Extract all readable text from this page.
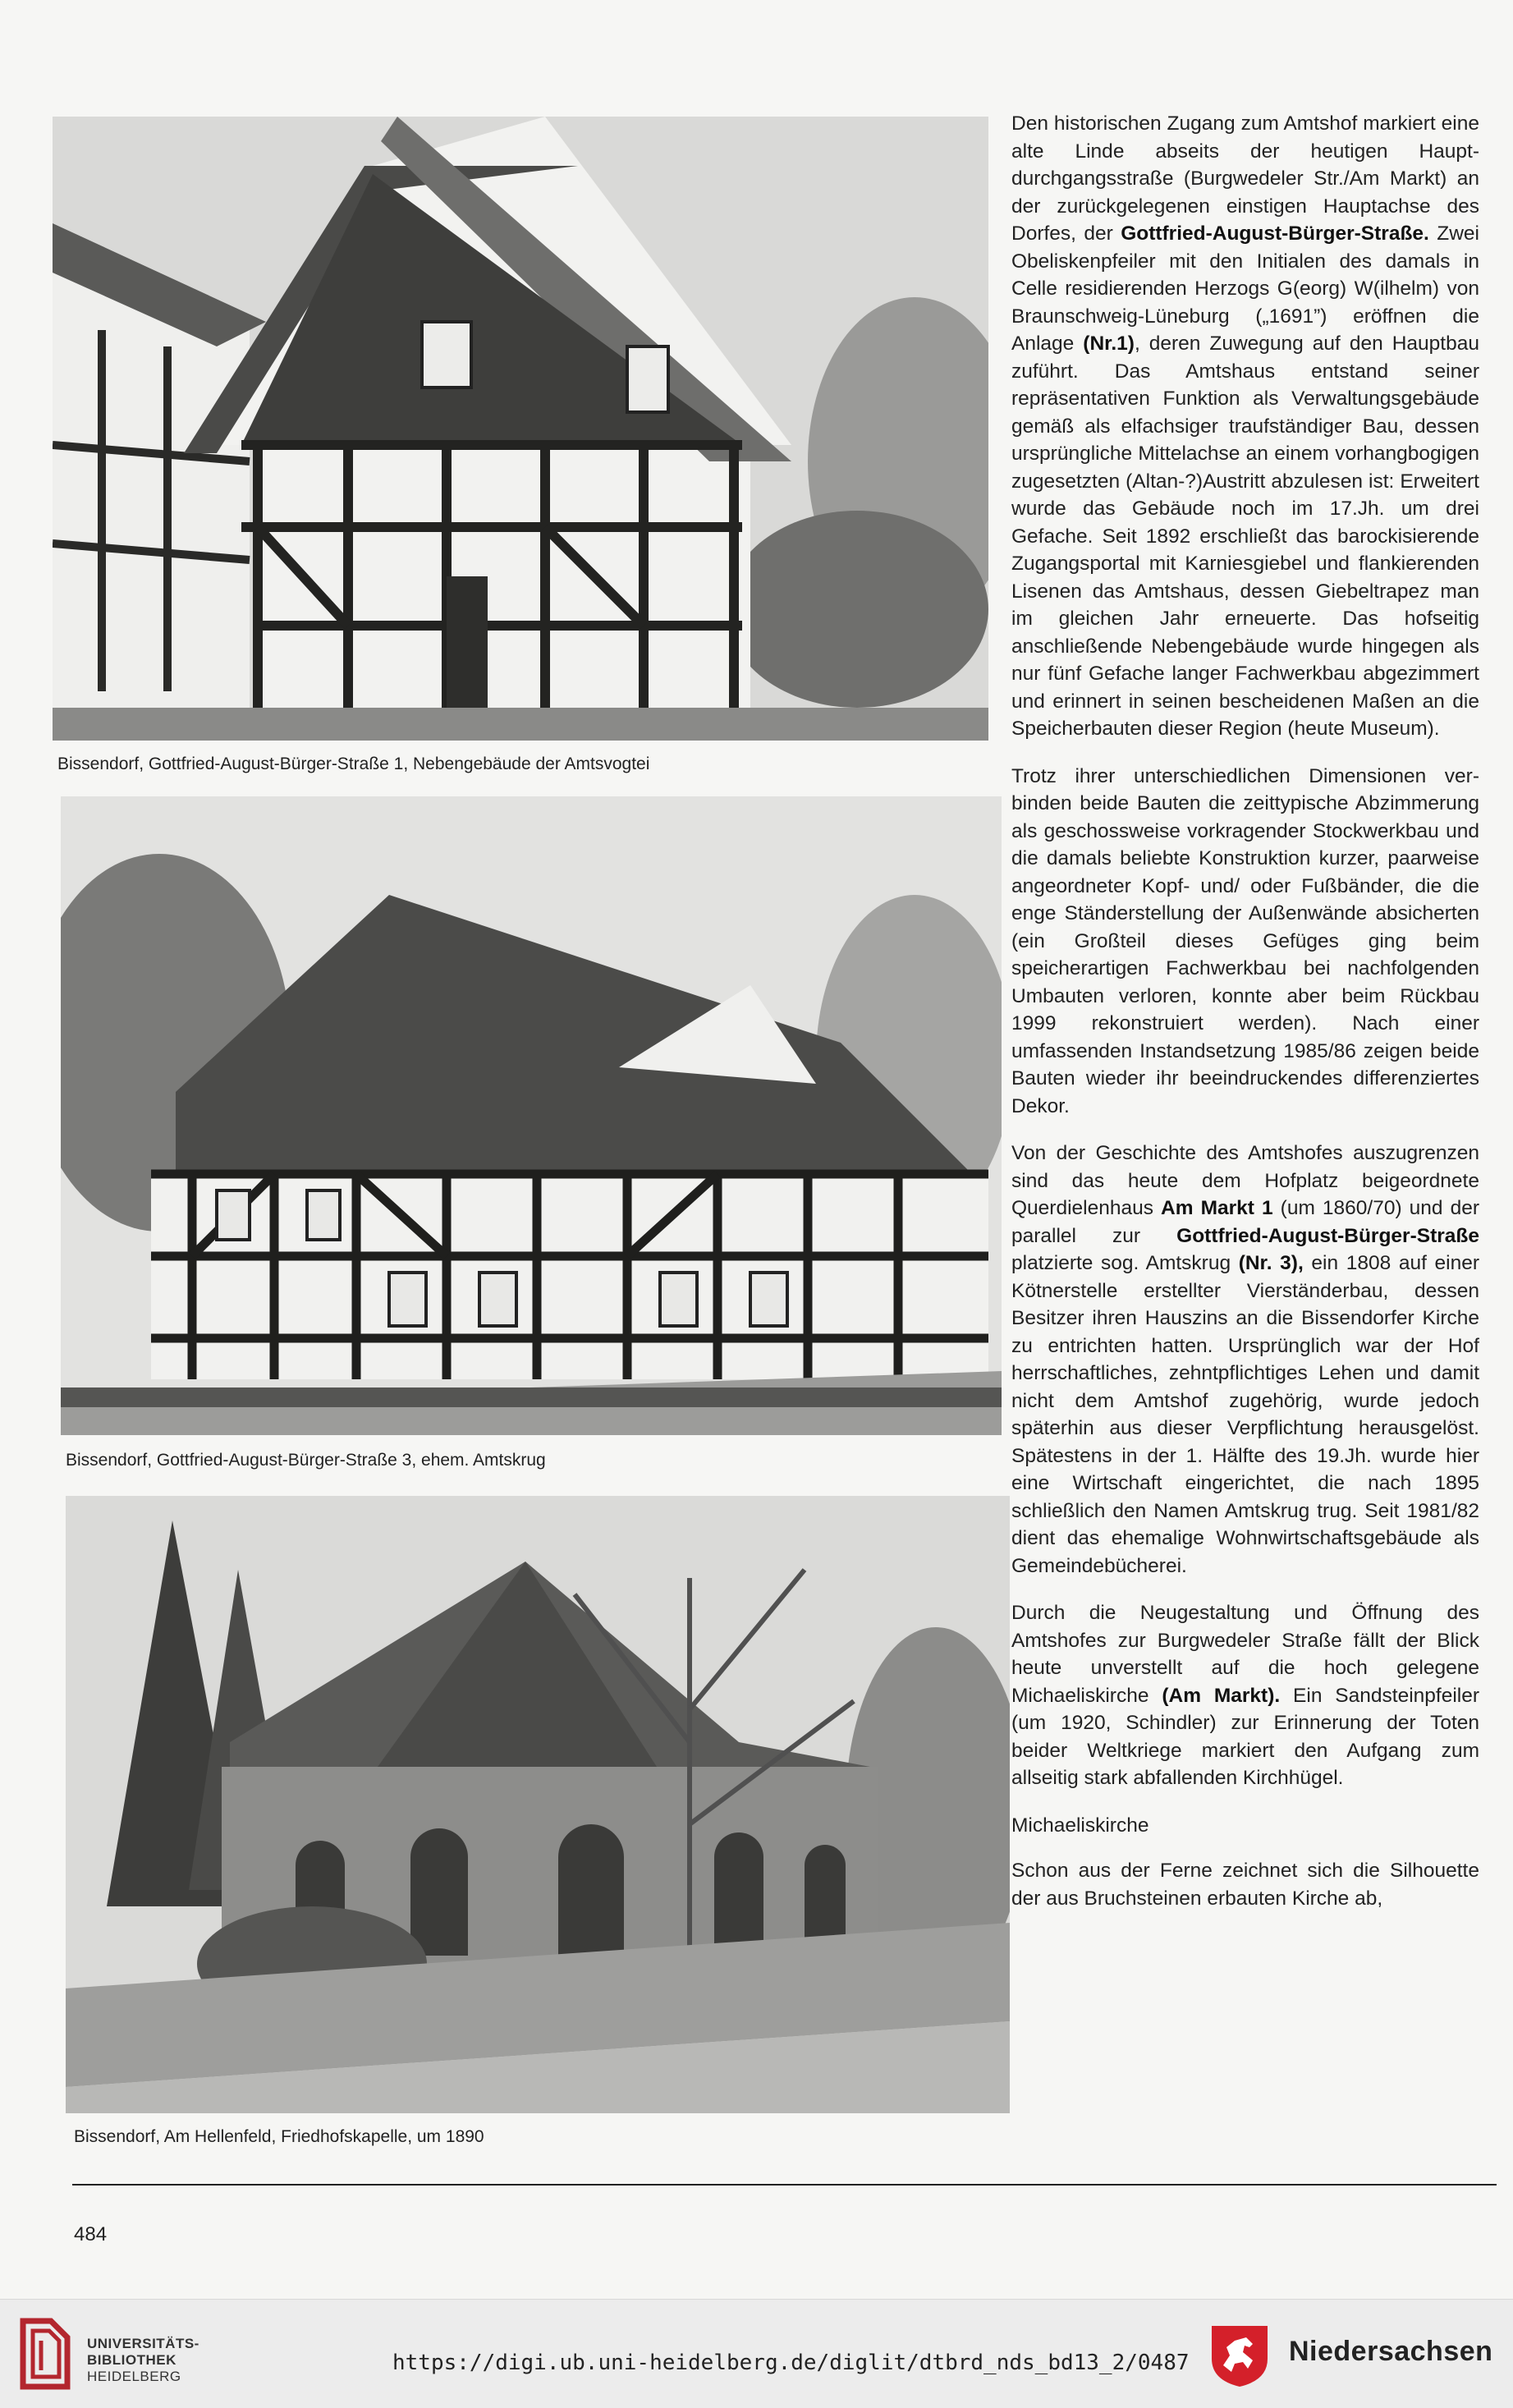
Bissendorf, Gottfried-August-Bürger-Straße 1, Nebengebäude der Amtsvogtei
Bissendorf, Gottfried-August-Bürger-Straße 3, ehem. Amtskrug
Bissendorf, Am Hellenfeld, Friedhofskapelle, um 1890

Den historischen Zugang zum Amtshof markiert eine alte Linde abseits der heutigen Hauptdurchgangsstraße (Burgwedeler Str./Am Markt) an der zurückgelegenen einstigen Hauptachse des Dorfes, der Gottfried-August-Bürger-Straße. Zwei Obeliskenpfeiler mit den Initialen des damals in Celle residierenden Herzogs G(eorg) W(ilhelm) von Braunschweig-Lüneburg („1691”) eröffnen die Anlage (Nr.1), deren Zuwegung auf den Hauptbau zuführt. Das Amtshaus entstand seiner repräsentativen Funktion als Verwaltungsgebäude gemäß als elfachsiger traufständiger Bau, dessen ursprüngliche Mittelachse an einem vorhangbogigen zugesetzten (Altan-?)Austritt abzulesen ist: Erweitert wurde das Gebäude noch im 17.Jh. um drei Gefache. Seit 1892 erschließt das barockisierende Zugangsportal mit Karniesgiebel und flankierenden Lisenen das Amtshaus, dessen Giebeltrapez man im gleichen Jahr erneuerte. Das hofseitig anschließende Nebengebäude wurde hingegen als nur fünf Gefache langer Fachwerkbau abgezimmert und erinnert in seinen bescheidenen Maßen an die Speicherbauten dieser Region (heute Museum).

Trotz ihrer unterschiedlichen Dimensionen verbinden beide Bauten die zeittypische Abzimmerung als geschossweise vorkragender Stockwerkbau und die damals beliebte Konstruktion kurzer, paarweise angeordneter Kopf- und/ oder Fußbänder, die die enge Ständerstellung der Außenwände absicherten (ein Großteil dieses Gefüges ging beim speicherartigen Fachwerkbau bei nachfolgenden Umbauten verloren, konnte aber beim Rückbau 1999 rekonstruiert werden). Nach einer umfassenden Instandsetzung 1985/86 zeigen beide Bauten wieder ihr beeindruckendes differenziertes Dekor.

Von der Geschichte des Amtshofes auszugrenzen sind das heute dem Hofplatz beigeordnete Querdielenhaus Am Markt 1 (um 1860/70) und der parallel zur Gottfried-August-Bürger-Straße platzierte sog. Amtskrug (Nr. 3), ein 1808 auf einer Kötnerstelle erstellter Vierständerbau, dessen Besitzer ihren Hauszins an die Bissendorfer Kirche zu entrichten hatten. Ursprünglich war der Hof herrschaftliches, zehntpflichtiges Lehen und damit nicht dem Amtshof zugehörig, wurde jedoch späterhin aus dieser Verpflichtung herausgelöst. Spätestens in der 1. Hälfte des 19.Jh. wurde hier eine Wirtschaft eingerichtet, die nach 1895 schließlich den Namen Amtskrug trug. Seit 1981/82 dient das ehemalige Wohnwirtschaftsgebäude als Gemeindebücherei.

Durch die Neugestaltung und Öffnung des Amtshofes zur Burgwedeler Straße fällt der Blick heute unverstellt auf die hoch gelegene Michaeliskirche (Am Markt). Ein Sandsteinpfeiler (um 1920, Schindler) zur Erinnerung der Toten beider Weltkriege markiert den Aufgang zum allseitig stark abfallenden Kirchhügel.

Michaeliskirche

Schon aus der Ferne zeichnet sich die Silhouette der aus Bruchsteinen erbauten Kirche ab,

484
UNIVERSITÄTS-
BIBLIOTHEK
HEIDELBERG
https://digi.ub.uni-heidelberg.de/diglit/dtbrd_nds_bd13_2/0487	Niedersachsen
